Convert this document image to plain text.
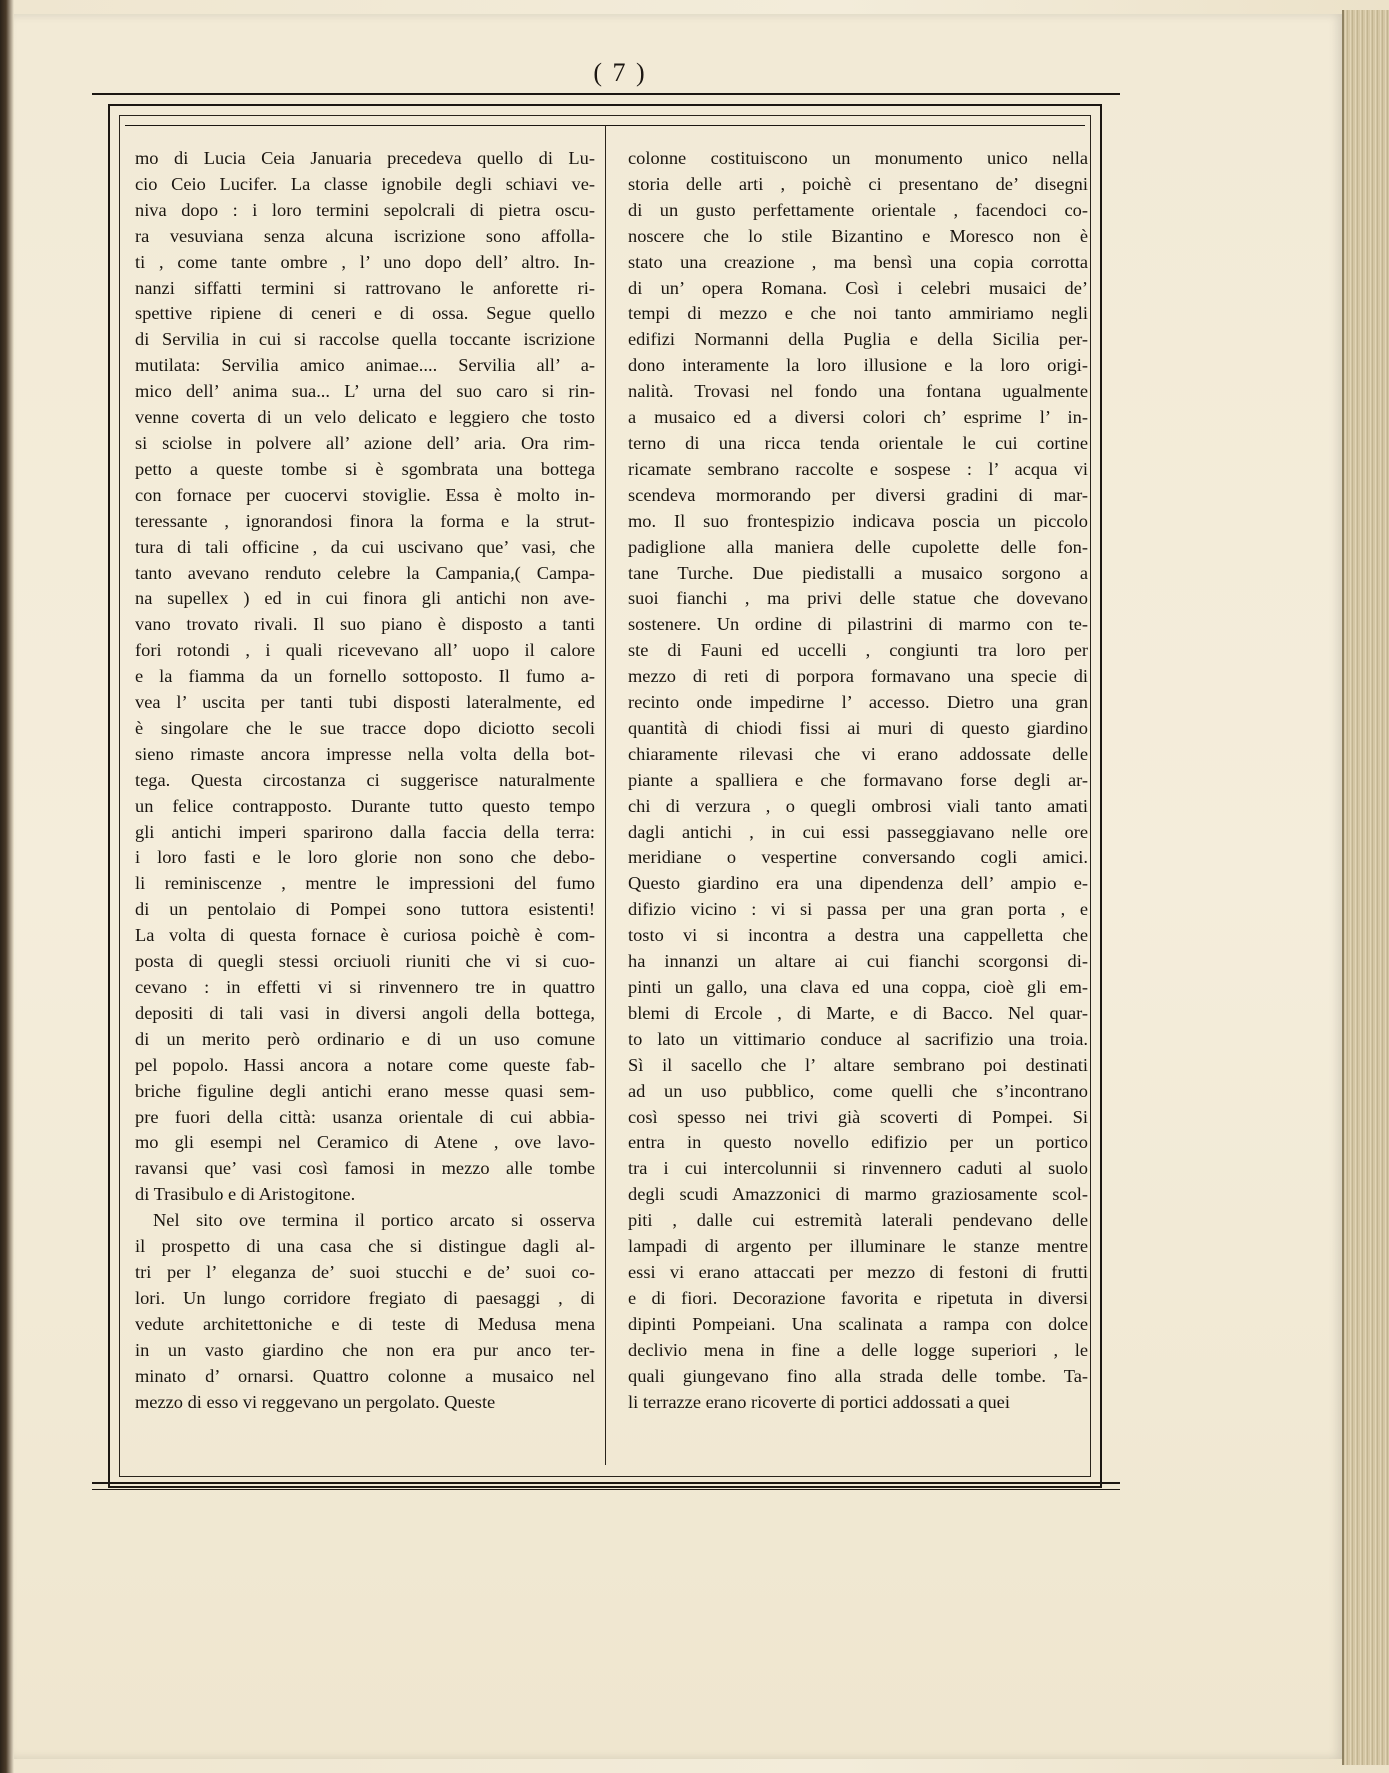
( 7 )

mo di Lucia Ceia Januaria precedeva quello di Lu-

cio Ceio Lucifer. La classe ignobile degli schiavi ve-

niva dopo : i loro termini sepolcrali di pietra oscu-

ra vesuviana senza alcuna iscrizione sono affolla-

ti , come tante ombre , l’ uno dopo dell’ altro. In-

nanzi siffatti termini si rattrovano le anforette ri-

spettive ripiene di ceneri e di ossa. Segue quello

di Servilia in cui si raccolse quella toccante iscrizione

mutilata: Servilia amico animae.... Servilia all’ a-

mico dell’ anima sua... L’ urna del suo caro si rin-

venne coverta di un velo delicato e leggiero che tosto

si sciolse in polvere all’ azione dell’ aria. Ora rim-

petto a queste tombe si è sgombrata una bottega

con fornace per cuocervi stoviglie. Essa è molto in-

teressante , ignorandosi finora la forma e la strut-

tura di tali officine , da cui uscivano que’ vasi, che

tanto avevano renduto celebre la Campania,( Campa-

na supellex ) ed in cui finora gli antichi non ave-

vano trovato rivali. Il suo piano è disposto a tanti

fori rotondi , i quali ricevevano all’ uopo il calore

e la fiamma da un fornello sottoposto. Il fumo a-

vea l’ uscita per tanti tubi disposti lateralmente, ed

è singolare che le sue tracce dopo diciotto secoli

sieno rimaste ancora impresse nella volta della bot-

tega. Questa circostanza ci suggerisce naturalmente

un felice contrapposto. Durante tutto questo tempo

gli antichi imperi sparirono dalla faccia della terra:

i loro fasti e le loro glorie non sono che debo-

li reminiscenze , mentre le impressioni del fumo

di un pentolaio di Pompei sono tuttora esistenti!

La volta di questa fornace è curiosa poichè è com-

posta di quegli stessi orciuoli riuniti che vi si cuo-

cevano : in effetti vi si rinvennero tre in quattro

depositi di tali vasi in diversi angoli della bottega,

di un merito però ordinario e di un uso comune

pel popolo. Hassi ancora a notare come queste fab-

briche figuline degli antichi erano messe quasi sem-

pre fuori della città: usanza orientale di cui abbia-

mo gli esempi nel Ceramico di Atene , ove lavo-

ravansi que’ vasi così famosi in mezzo alle tombe

di Trasibulo e di Aristogitone.

Nel sito ove termina il portico arcato si osserva

il prospetto di una casa che si distingue dagli al-

tri per l’ eleganza de’ suoi stucchi e de’ suoi co-

lori. Un lungo corridore fregiato di paesaggi , di

vedute architettoniche e di teste di Medusa mena

in un vasto giardino che non era pur anco ter-

minato d’ ornarsi. Quattro colonne a musaico nel

mezzo di esso vi reggevano un pergolato. Queste

colonne costituiscono un monumento unico nella

storia delle arti , poichè ci presentano de’ disegni

di un gusto perfettamente orientale , facendoci co-

noscere che lo stile Bizantino e Moresco non è

stato una creazione , ma bensì una copia corrotta

di un’ opera Romana. Così i celebri musaici de’

tempi di mezzo e che noi tanto ammiriamo negli

edifizi Normanni della Puglia e della Sicilia per-

dono interamente la loro illusione e la loro origi-

nalità. Trovasi nel fondo una fontana ugualmente

a musaico ed a diversi colori ch’ esprime l’ in-

terno di una ricca tenda orientale le cui cortine

ricamate sembrano raccolte e sospese : l’ acqua vi

scendeva mormorando per diversi gradini di mar-

mo. Il suo frontespizio indicava poscia un piccolo

padiglione alla maniera delle cupolette delle fon-

tane Turche. Due piedistalli a musaico sorgono a

suoi fianchi , ma privi delle statue che dovevano

sostenere. Un ordine di pilastrini di marmo con te-

ste di Fauni ed uccelli , congiunti tra loro per

mezzo di reti di porpora formavano una specie di

recinto onde impedirne l’ accesso. Dietro una gran

quantità di chiodi fissi ai muri di questo giardino

chiaramente rilevasi che vi erano addossate delle

piante a spalliera e che formavano forse degli ar-

chi di verzura , o quegli ombrosi viali tanto amati

dagli antichi , in cui essi passeggiavano nelle ore

meridiane o vespertine conversando cogli amici.

Questo giardino era una dipendenza dell’ ampio e-

difizio vicino : vi si passa per una gran porta , e

tosto vi si incontra a destra una cappelletta che

ha innanzi un altare ai cui fianchi scorgonsi di-

pinti un gallo, una clava ed una coppa, cioè gli em-

blemi di Ercole , di Marte, e di Bacco. Nel quar-

to lato un vittimario conduce al sacrifizio una troia.

Sì il sacello che l’ altare sembrano poi destinati

ad un uso pubblico, come quelli che s’incontrano

così spesso nei trivi già scoverti di Pompei. Si

entra in questo novello edifizio per un portico

tra i cui intercolunnii si rinvennero caduti al suolo

degli scudi Amazzonici di marmo graziosamente scol-

piti , dalle cui estremità laterali pendevano delle

lampadi di argento per illuminare le stanze mentre

essi vi erano attaccati per mezzo di festoni di frutti

e di fiori. Decorazione favorita e ripetuta in diversi

dipinti Pompeiani. Una scalinata a rampa con dolce

declivio mena in fine a delle logge superiori , le

quali giungevano fino alla strada delle tombe. Ta-

li terrazze erano ricoverte di portici addossati a quei
